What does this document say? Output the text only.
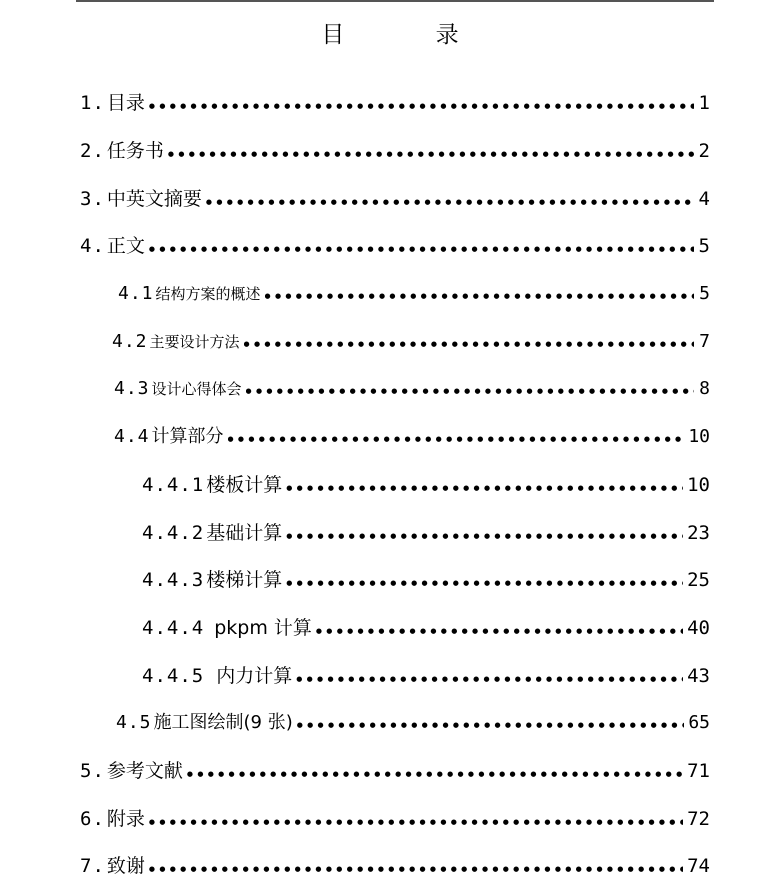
目 录
1. 目录 ●●●●●●●●●●●●●●●●●●●●●●●●●●●●●●●●●●●●●●●●●●●●●●●●●●●●●●●●●●●●●●●●●●●●●●●●●●●●●●●●●●●●●●●●	1
2. 任务书 ●●●●●●●●●●●●●●●●●●●●●●●●●●●●●●●●●●●●●●●●●●●●●●●●●●●●●●●●●●●●●●●●●●●●●●●●●●●●●●●●●●●●●●●●	2
3. 中英文摘要 ●●●●●●●●●●●●●●●●●●●●●●●●●●●●●●●●●●●●●●●●●●●●●●●●●●●●●●●●●●●●●●●●●●●●●●●●●●●●●●●●●●●●●●●●	4
4. 正文 ●●●●●●●●●●●●●●●●●●●●●●●●●●●●●●●●●●●●●●●●●●●●●●●●●●●●●●●●●●●●●●●●●●●●●●●●●●●●●●●●●●●●●●●●	5
4.1 结构方案的概述 ●●●●●●●●●●●●●●●●●●●●●●●●●●●●●●●●●●●●●●●●●●●●●●●●●●●●●●●●●●●●●●●●●●●●●●●●●●●●●●●●●●●●●●●●	5
4.2 主要设计方法 ●●●●●●●●●●●●●●●●●●●●●●●●●●●●●●●●●●●●●●●●●●●●●●●●●●●●●●●●●●●●●●●●●●●●●●●●●●●●●●●●●●●●●●●●	7
4.3 设计心得体会 ●●●●●●●●●●●●●●●●●●●●●●●●●●●●●●●●●●●●●●●●●●●●●●●●●●●●●●●●●●●●●●●●●●●●●●●●●●●●●●●●●●●●●●●●	8
4.4 计算部分 ●●●●●●●●●●●●●●●●●●●●●●●●●●●●●●●●●●●●●●●●●●●●●●●●●●●●●●●●●●●●●●●●●●●●●●●●●●●●●●●●●●●●●●●●	10
4.4.1 楼板计算 ●●●●●●●●●●●●●●●●●●●●●●●●●●●●●●●●●●●●●●●●●●●●●●●●●●●●●●●●●●●●●●●●●●●●●●●●●●●●●●●●●●●●●●●●	10
4.4.2 基础计算 ●●●●●●●●●●●●●●●●●●●●●●●●●●●●●●●●●●●●●●●●●●●●●●●●●●●●●●●●●●●●●●●●●●●●●●●●●●●●●●●●●●●●●●●●	23
4.4.3 楼梯计算 ●●●●●●●●●●●●●●●●●●●●●●●●●●●●●●●●●●●●●●●●●●●●●●●●●●●●●●●●●●●●●●●●●●●●●●●●●●●●●●●●●●●●●●●●	25
4.4.4 pkpm 计算 ●●●●●●●●●●●●●●●●●●●●●●●●●●●●●●●●●●●●●●●●●●●●●●●●●●●●●●●●●●●●●●●●●●●●●●●●●●●●●●●●●●●●●●●●	40
4.4.5 内力计算 ●●●●●●●●●●●●●●●●●●●●●●●●●●●●●●●●●●●●●●●●●●●●●●●●●●●●●●●●●●●●●●●●●●●●●●●●●●●●●●●●●●●●●●●●	43
4.5 施工图绘制(9 张) ●●●●●●●●●●●●●●●●●●●●●●●●●●●●●●●●●●●●●●●●●●●●●●●●●●●●●●●●●●●●●●●●●●●●●●●●●●●●●●●●●●●●●●●●	65
5. 参考文献 ●●●●●●●●●●●●●●●●●●●●●●●●●●●●●●●●●●●●●●●●●●●●●●●●●●●●●●●●●●●●●●●●●●●●●●●●●●●●●●●●●●●●●●●●	71
6. 附录 ●●●●●●●●●●●●●●●●●●●●●●●●●●●●●●●●●●●●●●●●●●●●●●●●●●●●●●●●●●●●●●●●●●●●●●●●●●●●●●●●●●●●●●●●	72
7. 致谢 ●●●●●●●●●●●●●●●●●●●●●●●●●●●●●●●●●●●●●●●●●●●●●●●●●●●●●●●●●●●●●●●●●●●●●●●●●●●●●●●●●●●●●●●●	74
